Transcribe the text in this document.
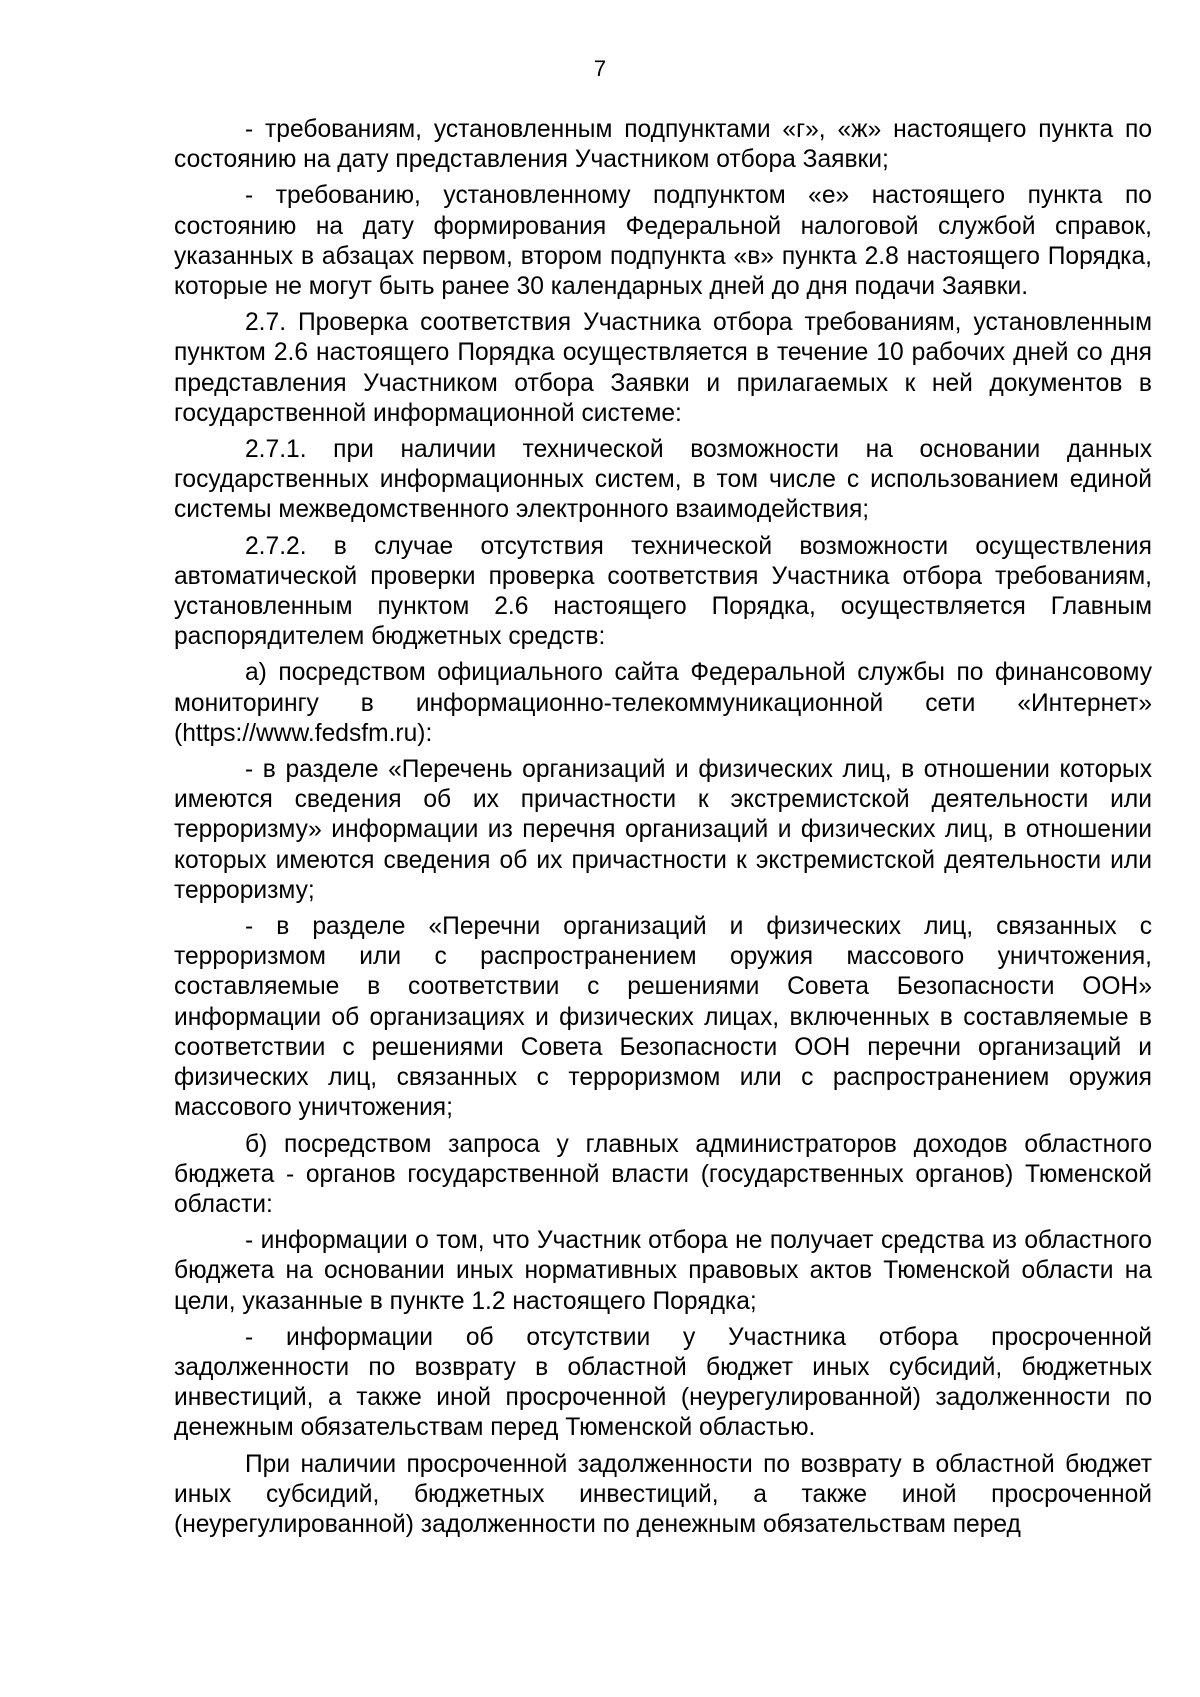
7

- требованиям, установленным подпунктами «г», «ж» настоящего пункта по состоянию на дату представления Участником отбора Заявки;

- требованию, установленному подпунктом «е» настоящего пункта по состоянию на дату формирования Федеральной налоговой службой справок, указанных в абзацах первом, втором подпункта «в» пункта 2.8 настоящего Порядка, которые не могут быть ранее 30 календарных дней до дня подачи Заявки.

2.7. Проверка соответствия Участника отбора требованиям, установленным пунктом 2.6 настоящего Порядка осуществляется в течение 10 рабочих дней со дня представления Участником отбора Заявки и прилагаемых к ней документов в государственной информационной системе:

2.7.1. при наличии технической возможности на основании данных государственных информационных систем, в том числе с использованием единой системы межведомственного электронного взаимодействия;

2.7.2. в случае отсутствия технической возможности осуществления автоматической проверки проверка соответствия Участника отбора требованиям, установленным пунктом 2.6 настоящего Порядка, осуществляется Главным распорядителем бюджетных средств:

а) посредством официального сайта Федеральной службы по финансовому мониторингу в информационно-телекоммуникационной сети «Интернет» (https://www.fedsfm.ru):

- в разделе «Перечень организаций и физических лиц, в отношении которых имеются сведения об их причастности к экстремистской деятельности или терроризму» информации из перечня организаций и физических лиц, в отношении которых имеются сведения об их причастности к экстремистской деятельности или терроризму;

- в разделе «Перечни организаций и физических лиц, связанных с терроризмом или с распространением оружия массового уничтожения, составляемые в соответствии с решениями Совета Безопасности ООН» информации об организациях и физических лицах, включенных в составляемые в соответствии с решениями Совета Безопасности ООН перечни организаций и физических лиц, связанных с терроризмом или с распространением оружия массового уничтожения;

б) посредством запроса у главных администраторов доходов областного бюджета - органов государственной власти (государственных органов) Тюменской области:

- информации о том, что Участник отбора не получает средства из областного бюджета на основании иных нормативных правовых актов Тюменской области на цели, указанные в пункте 1.2 настоящего Порядка;

- информации об отсутствии у Участника отбора просроченной задолженности по возврату в областной бюджет иных субсидий, бюджетных инвестиций, а также иной просроченной (неурегулированной) задолженности по денежным обязательствам перед Тюменской областью.

При наличии просроченной задолженности по возврату в областной бюджет иных субсидий, бюджетных инвестиций, а также иной просроченной (неурегулированной) задолженности по денежным обязательствам перед
